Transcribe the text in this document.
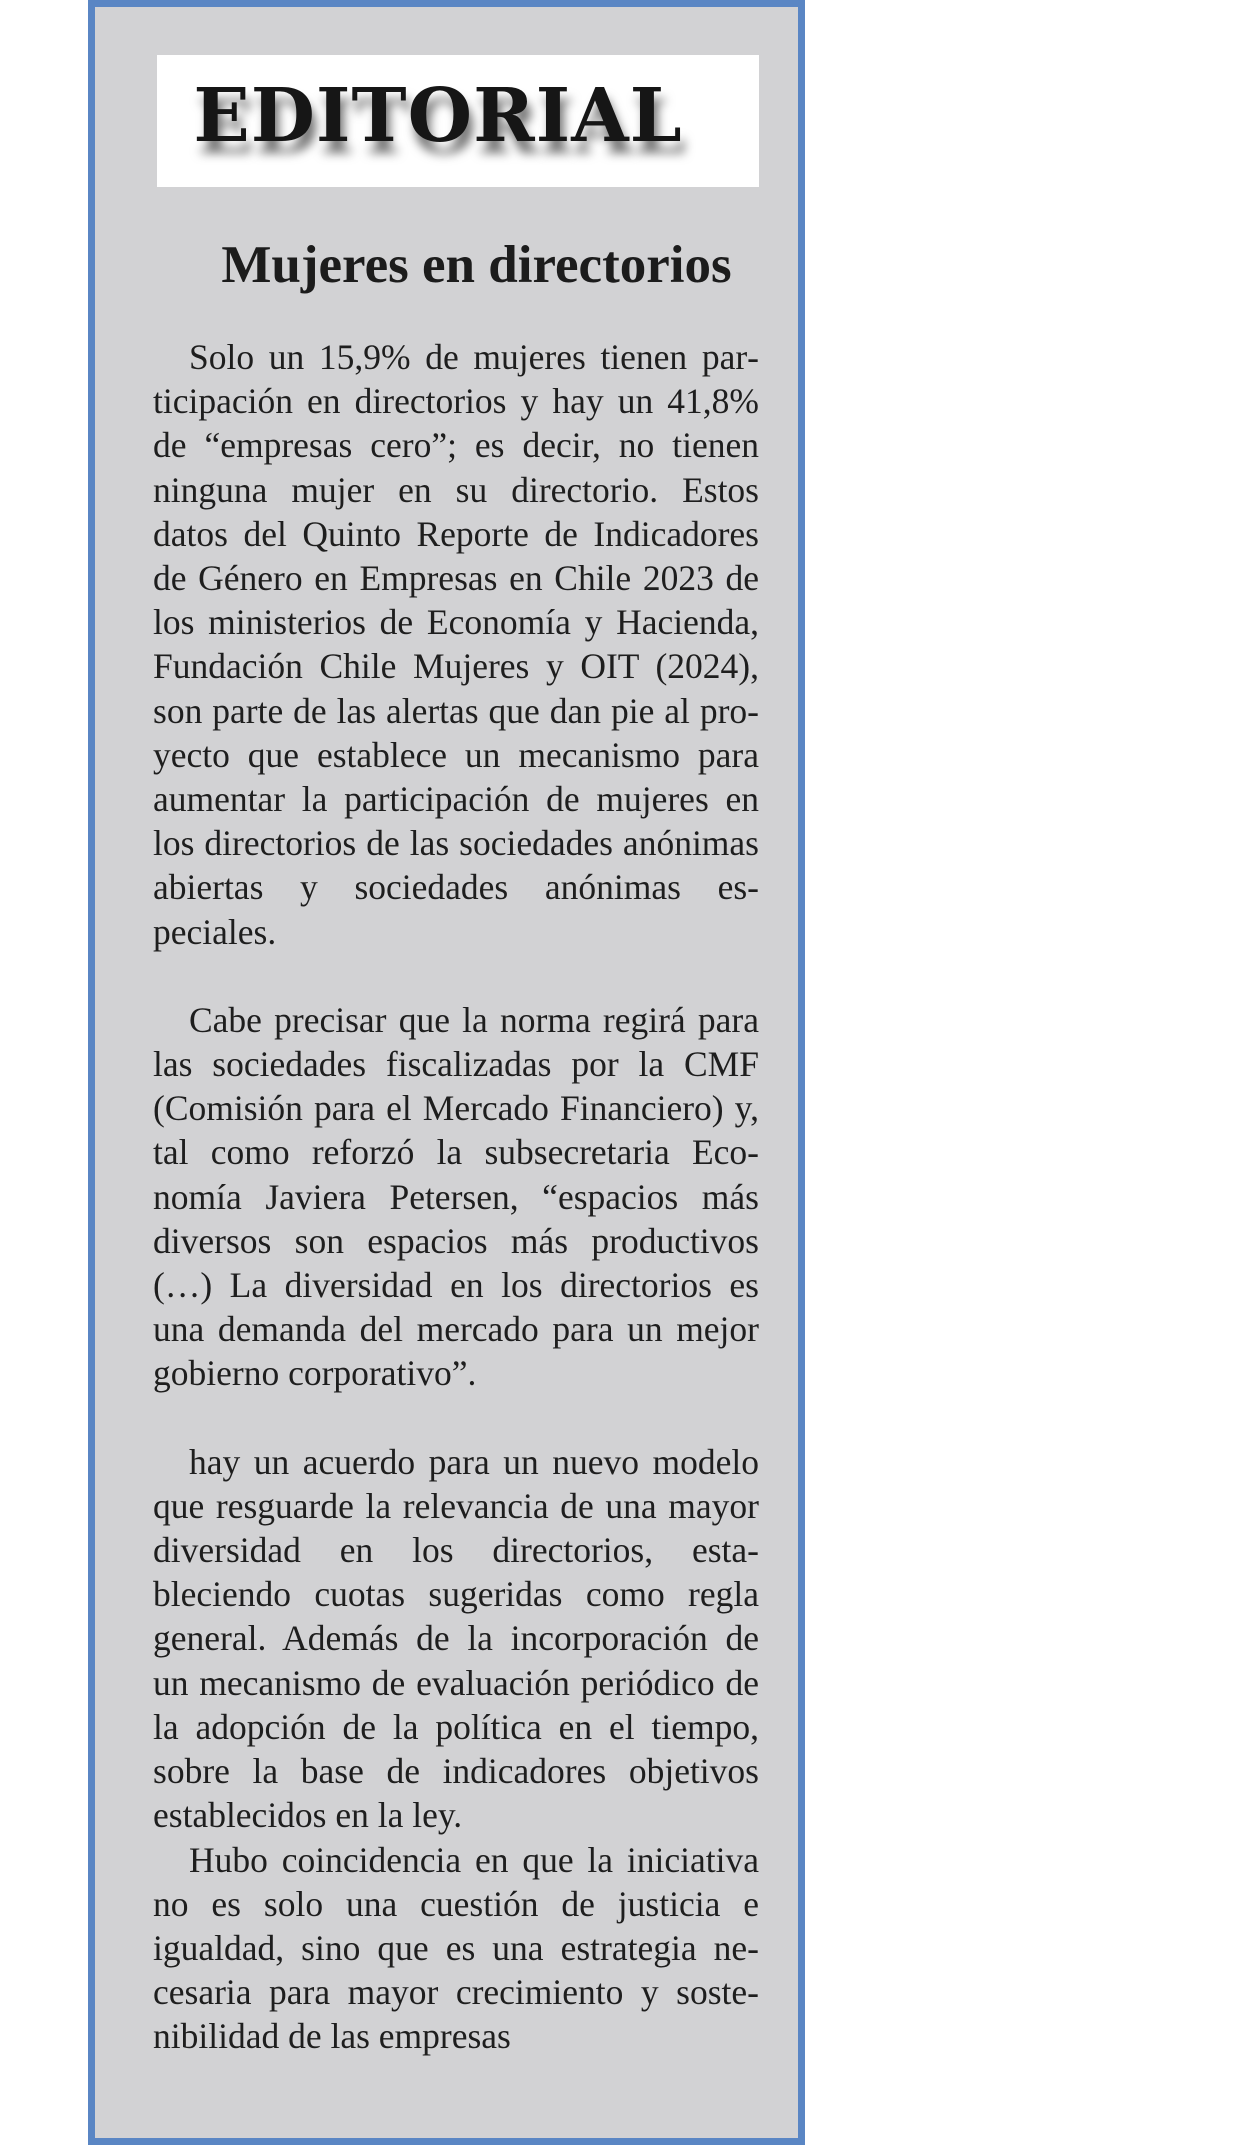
EDITORIAL
Mujeres en directorios

Solo un 15,9% de mujeres tienen participación en directorios y hay un 41,8% de “empresas cero”; es decir, no tienen ninguna mujer en su directorio. Estos datos del Quinto Reporte de Indicadores de Género en Empresas en Chile 2023 de los ministerios de Economía y Hacienda, Fundación Chile Mujeres y OIT (2024), son parte de las alertas que dan pie al proyecto que establece un mecanismo para aumentar la participación de mujeres en los directorios de las sociedades anónimas abiertas y sociedades anónimas especiales.

Cabe precisar que la norma regirá para las sociedades fiscalizadas por la CMF (Comisión para el Mercado Financiero) y, tal como reforzó la subsecretaria Economía Javiera Petersen, “espacios más diversos son espacios más productivos (…) La diversidad en los directorios es una demanda del mercado para un mejor gobierno corporativo”.

hay un acuerdo para un nuevo modelo que resguarde la relevancia de una mayor diversidad en los directorios, estableciendo cuotas sugeridas como regla general. Además de la incorporación de un mecanismo de evaluación periódico de la adopción de la política en el tiempo, sobre la base de indicadores objetivos establecidos en la ley.

Hubo coincidencia en que la iniciativa no es solo una cuestión de justicia e igualdad, sino que es una estrategia necesaria para mayor crecimiento y sostenibilidad de las empresas
